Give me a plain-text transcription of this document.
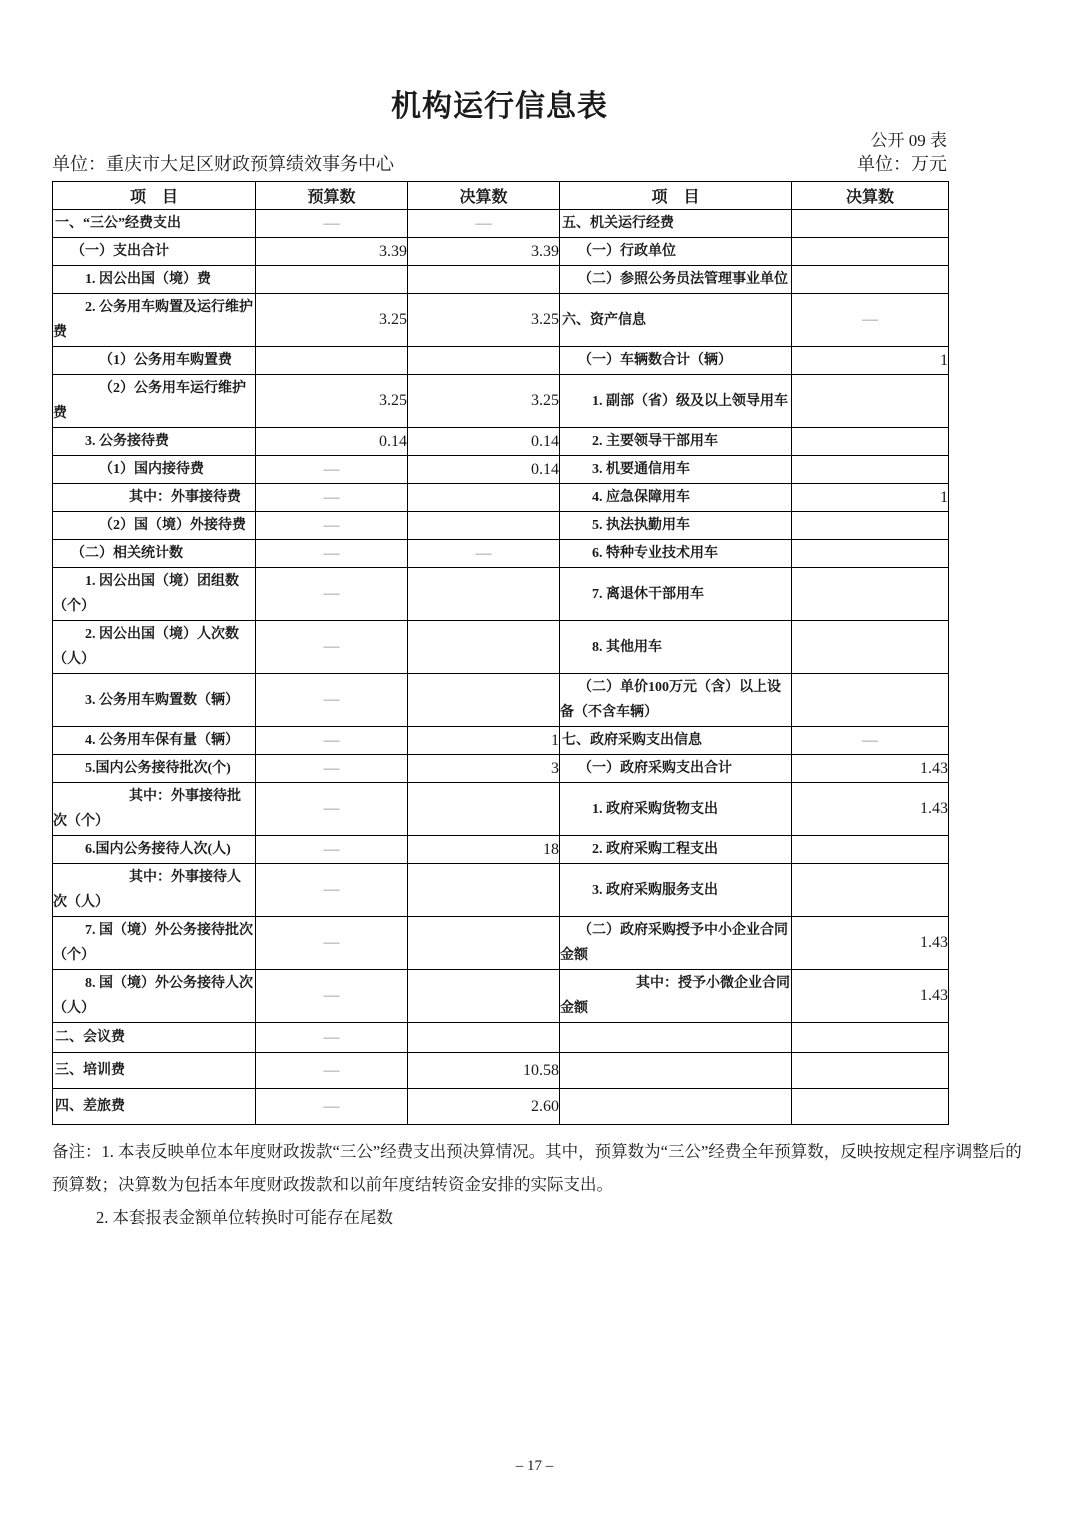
机构运行信息表
公开 09 表
单位：重庆市大足区财政预算绩效事务中心	单位：万元
项　目	预算数	决算数	项　目	决算数

一、“三公”经费支出	—	—	五、机关运行经费	

（一）支出合计	3.39	3.39	（一）行政单位	

1. 因公出国（境）费			（二）参照公务员法管理事业单位	

2. 公务用车购置及运行维护费	3.25	3.25	六、资产信息	—

（1）公务用车购置费			（一）车辆数合计（辆）	1

（2）公务用车运行维护费	3.25	3.25	1. 副部（省）级及以上领导用车	

3. 公务接待费	0.14	0.14	2. 主要领导干部用车	

（1）国内接待费	—	0.14	3. 机要通信用车	

其中：外事接待费	—		4. 应急保障用车	1

（2）国（境）外接待费	—		5. 执法执勤用车	

（二）相关统计数	—	—	6. 特种专业技术用车	

1. 因公出国（境）团组数（个）	—		7. 离退休干部用车	

2. 因公出国（境）人次数（人）	—		8. 其他用车	

3. 公务用车购置数（辆）	—		（二）单价100万元（含）以上设备（不含车辆）	

4. 公务用车保有量（辆）	—	1	七、政府采购支出信息	—

5.国内公务接待批次(个)	—	3	（一）政府采购支出合计	1.43

其中：外事接待批次（个）	—		1. 政府采购货物支出	1.43

6.国内公务接待人次(人)	—	18	2. 政府采购工程支出	

其中：外事接待人次（人）	—		3. 政府采购服务支出	

7. 国（境）外公务接待批次（个）	—		（二）政府采购授予中小企业合同金额	1.43

8. 国（境）外公务接待人次（人）	—		其中：授予小微企业合同金额	1.43

二、会议费	—		

三、培训费	—	10.58	

四、差旅费	—	2.60	

备注：1. 本表反映单位本年度财政拨款“三公”经费支出预决算情况。其中，预算数为“三公”经费全年预算数，反映按规定程序调整后的预算数；决算数为包括本年度财政拨款和以前年度结转资金安排的实际支出。
2. 本套报表金额单位转换时可能存在尾数
– 17 –
